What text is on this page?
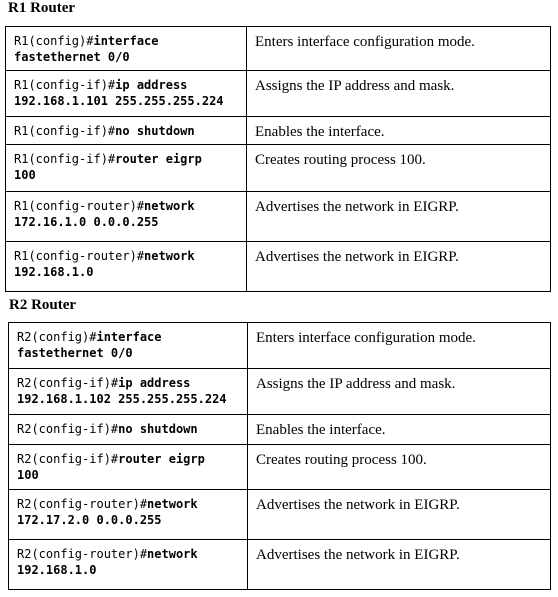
R1 Router
R1(config)#interface
fastethernet 0/0	Enters interface configuration mode.
R1(config-if)#ip address
192.168.1.101 255.255.255.224	Assigns the IP address and mask.
R1(config-if)#no shutdown	Enables the interface.
R1(config-if)#router eigrp
100	Creates routing process 100.
R1(config-router)#network
172.16.1.0 0.0.0.255	Advertises the network in EIGRP.
R1(config-router)#network
192.168.1.0	Advertises the network in EIGRP.
R2 Router
R2(config)#interface
fastethernet 0/0	Enters interface configuration mode.
R2(config-if)#ip address
192.168.1.102 255.255.255.224	Assigns the IP address and mask.
R2(config-if)#no shutdown	Enables the interface.
R2(config-if)#router eigrp
100	Creates routing process 100.
R2(config-router)#network
172.17.2.0 0.0.0.255	Advertises the network in EIGRP.
R2(config-router)#network
192.168.1.0	Advertises the network in EIGRP.
